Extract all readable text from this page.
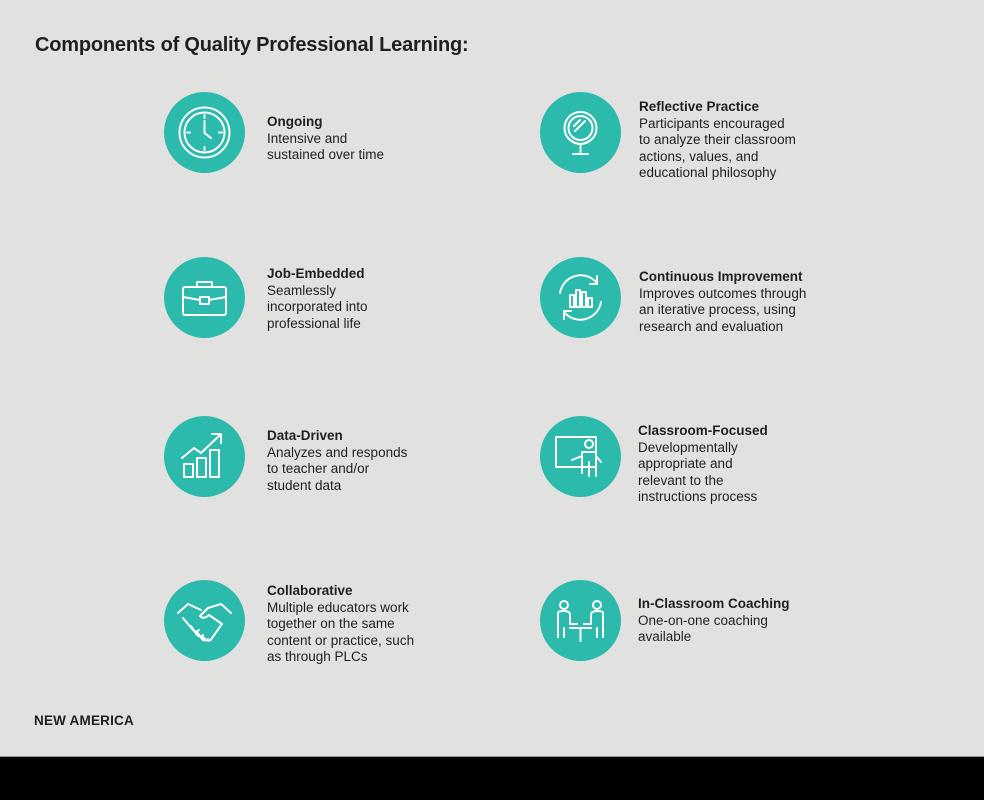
Components of Quality Professional Learning:
Ongoing
Intensive and
sustained over time
Reflective Practice
Participants encouraged
to analyze their classroom
actions, values, and
educational philosophy
Job-Embedded
Seamlessly
incorporated into
professional life
Continuous Improvement
Improves outcomes through
an iterative process, using
research and evaluation
Data-Driven
Analyzes and responds
to teacher and/or
student data
Classroom-Focused
Developmentally
appropriate and
relevant to the
instructions process
Collaborative
Multiple educators work
together on the same
content or practice, such
as through PLCs
In-Classroom Coaching
One-on-one coaching
available
NEW AMERICA
